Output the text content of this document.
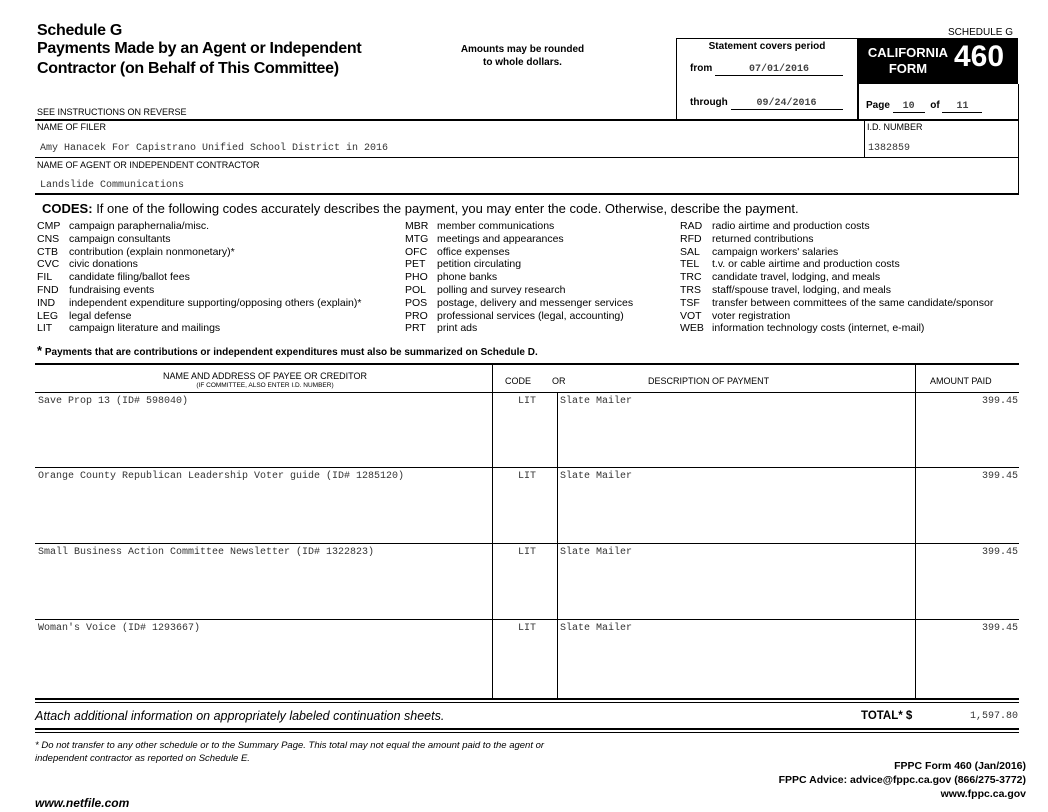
Schedule G
Payments Made by an Agent or Independent
Contractor (on Behalf of This Committee)
Amounts may be rounded
to whole dollars.
SCHEDULE G
SEE INSTRUCTIONS ON REVERSE
Statement covers period
from	07/01/2016
through	09/24/2016
CALIFORNIA
FORM 460
Page 10 of 11
NAME OF FILER
Amy Hanacek For Capistrano Unified School District in 2016
I.D. NUMBER
1382859
NAME OF AGENT OR INDEPENDENT CONTRACTOR
Landslide Communications
CODES: If one of the following codes accurately describes the payment, you may enter the code. Otherwise, describe the payment.
CMP campaign paraphernalia/misc.
CNS campaign consultants
CTB contribution (explain nonmonetary)*
CVC civic donations
FIL candidate filing/ballot fees
FND fundraising events
IND independent expenditure supporting/opposing others (explain)*
LEG legal defense
LIT campaign literature and mailings
MBR member communications
MTG meetings and appearances
OFC office expenses
PET petition circulating
PHO phone banks
POL polling and survey research
POS postage, delivery and messenger services
PRO professional services (legal, accounting)
PRT print ads
RAD radio airtime and production costs
RFD returned contributions
SAL campaign workers' salaries
TEL t.v. or cable airtime and production costs
TRC candidate travel, lodging, and meals
TRS staff/spouse travel, lodging, and meals
TSF transfer between committees of the same candidate/sponsor
VOT voter registration
WEB information technology costs (internet, e-mail)
* Payments that are contributions or independent expenditures must also be summarized on Schedule D.
NAME AND ADDRESS OF PAYEE OR CREDITOR
(IF COMMITTEE, ALSO ENTER I.D. NUMBER)	CODE OR	DESCRIPTION OF PAYMENT	AMOUNT PAID
Save Prop 13 (ID# 598040)	LIT Slate Mailer	399.45
Orange County Republican Leadership Voter guide (ID# 1285120)	LIT Slate Mailer	399.45
Small Business Action Committee Newsletter (ID# 1322823)	LIT Slate Mailer	399.45
Woman's Voice (ID# 1293667)	LIT Slate Mailer	399.45
Attach additional information on appropriately labeled continuation sheets.	TOTAL* $	1,597.80
* Do not transfer to any other schedule or to the Summary Page. This total may not equal the amount paid to the agent or
independent contractor as reported on Schedule E.
FPPC Form 460 (Jan/2016)
FPPC Advice: advice@fppc.ca.gov (866/275-3772)
www.fppc.ca.gov
www.netfile.com
